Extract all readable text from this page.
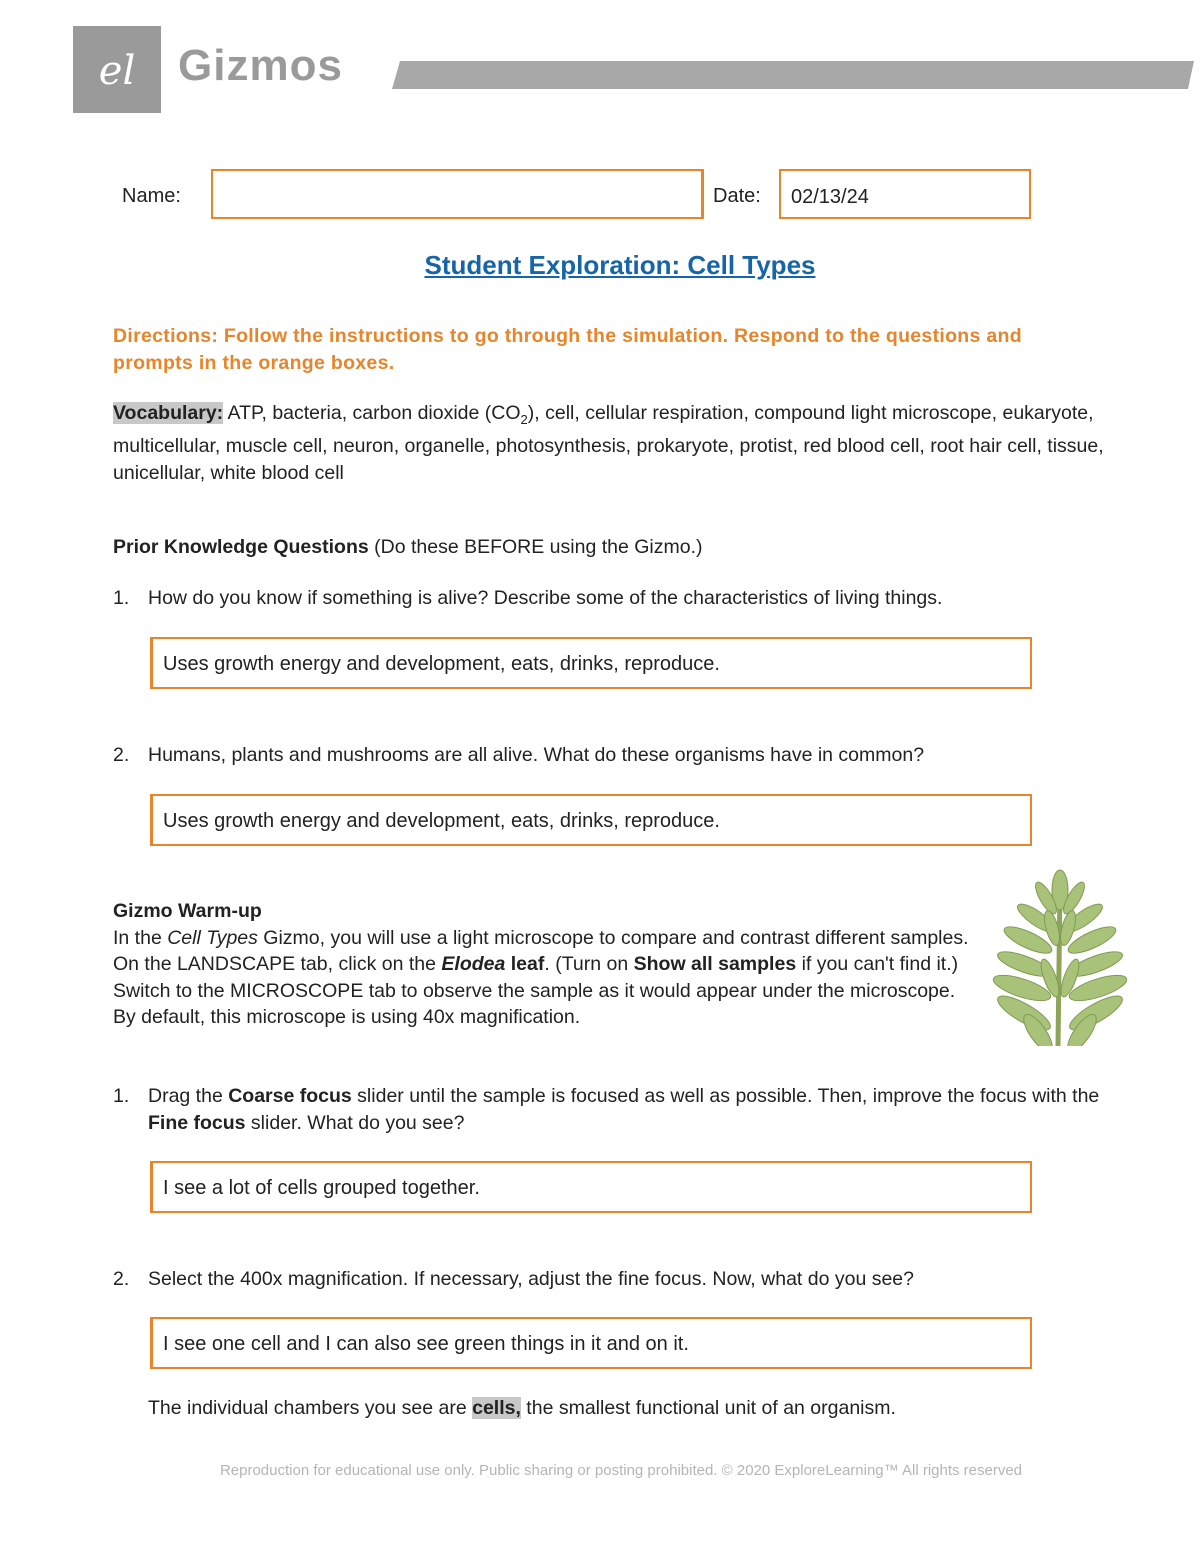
el Gizmos
Name:	Date: 02/13/24
Student Exploration: Cell Types
Directions: Follow the instructions to go through the simulation. Respond to the questions and prompts in the orange boxes.
Vocabulary: ATP, bacteria, carbon dioxide $(CO_2)$, cell, cellular respiration, compound light microscope, eukaryote, multicellular, muscle cell, neuron, organelle, photosynthesis, prokaryote, protist, red blood cell, root hair cell, tissue, unicellular, white blood cell
Prior Knowledge Questions (Do these BEFORE using the Gizmo.)
1. How do you know if something is alive? Describe some of the characteristics of living things.
Uses growth energy and development, eats, drinks, reproduce.
2. Humans, plants and mushrooms are all alive. What do these organisms have in common?
Uses growth energy and development, eats, drinks, reproduce.
Gizmo Warm-up
In the Cell Types Gizmo, you will use a light microscope to compare and contrast different samples. On the LANDSCAPE tab, click on the Elodea leaf. (Turn on Show all samples if you can't find it.) Switch to the MICROSCOPE tab to observe the sample as it would appear under the microscope. By default, this microscope is using 40x magnification.
1. Drag the Coarse focus slider until the sample is focused as well as possible. Then, improve the focus with the Fine focus slider. What do you see?
I see a lot of cells grouped together.
2. Select the 400x magnification. If necessary, adjust the fine focus. Now, what do you see?
I see one cell and I can also see green things in it and on it.
The individual chambers you see are cells, the smallest functional unit of an organism.
Reproduction for educational use only. Public sharing or posting prohibited. © 2020 ExploreLearning™ All rights reserved
